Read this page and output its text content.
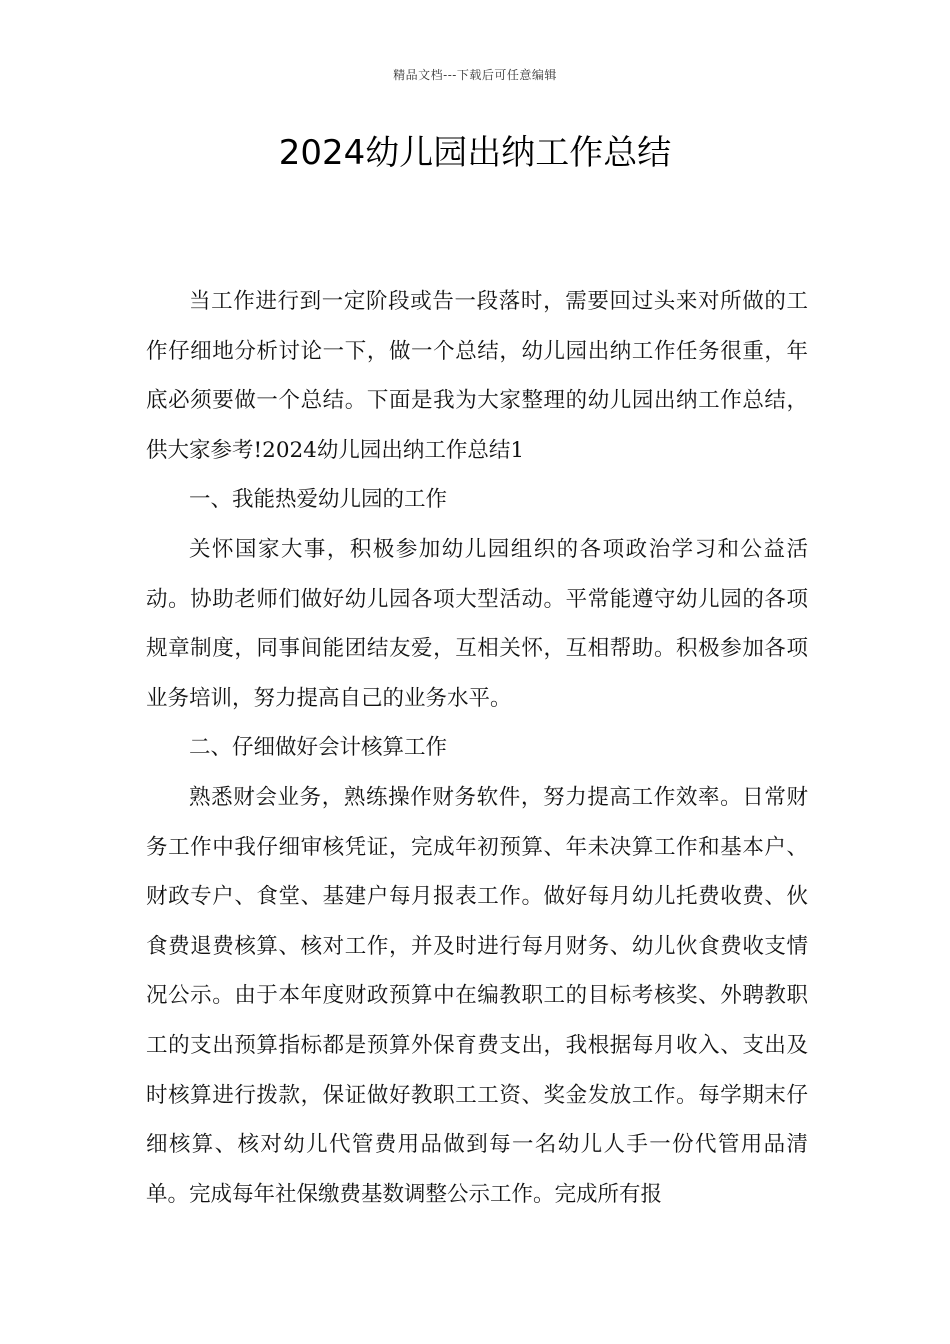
精品文档---下载后可任意编辑
2024幼儿园出纳工作总结

当工作进行到一定阶段或告一段落时，需要回过头来对所做的工作仔细地分析讨论一下，做一个总结，幼儿园出纳工作任务很重，年底必须要做一个总结。下面是我为大家整理的幼儿园出纳工作总结，供大家参考!2024幼儿园出纳工作总结1

一、我能热爱幼儿园的工作

关怀国家大事，积极参加幼儿园组织的各项政治学习和公益活动。协助老师们做好幼儿园各项大型活动。平常能遵守幼儿园的各项规章制度，同事间能团结友爱，互相关怀，互相帮助。积极参加各项业务培训，努力提高自己的业务水平。

二、仔细做好会计核算工作

熟悉财会业务，熟练操作财务软件，努力提高工作效率。日常财务工作中我仔细审核凭证，完成年初预算、年未决算工作和基本户、财政专户、食堂、基建户每月报表工作。做好每月幼儿托费收费、伙食费退费核算、核对工作，并及时进行每月财务、幼儿伙食费收支情况公示。由于本年度财政预算中在编教职工的目标考核奖、外聘教职工的支出预算指标都是预算外保育费支出，我根据每月收入、支出及时核算进行拨款，保证做好教职工工资、奖金发放工作。每学期末仔细核算、核对幼儿代管费用品做到每一名幼儿人手一份代管用品清单。完成每年社保缴费基数调整公示工作。完成所有报
